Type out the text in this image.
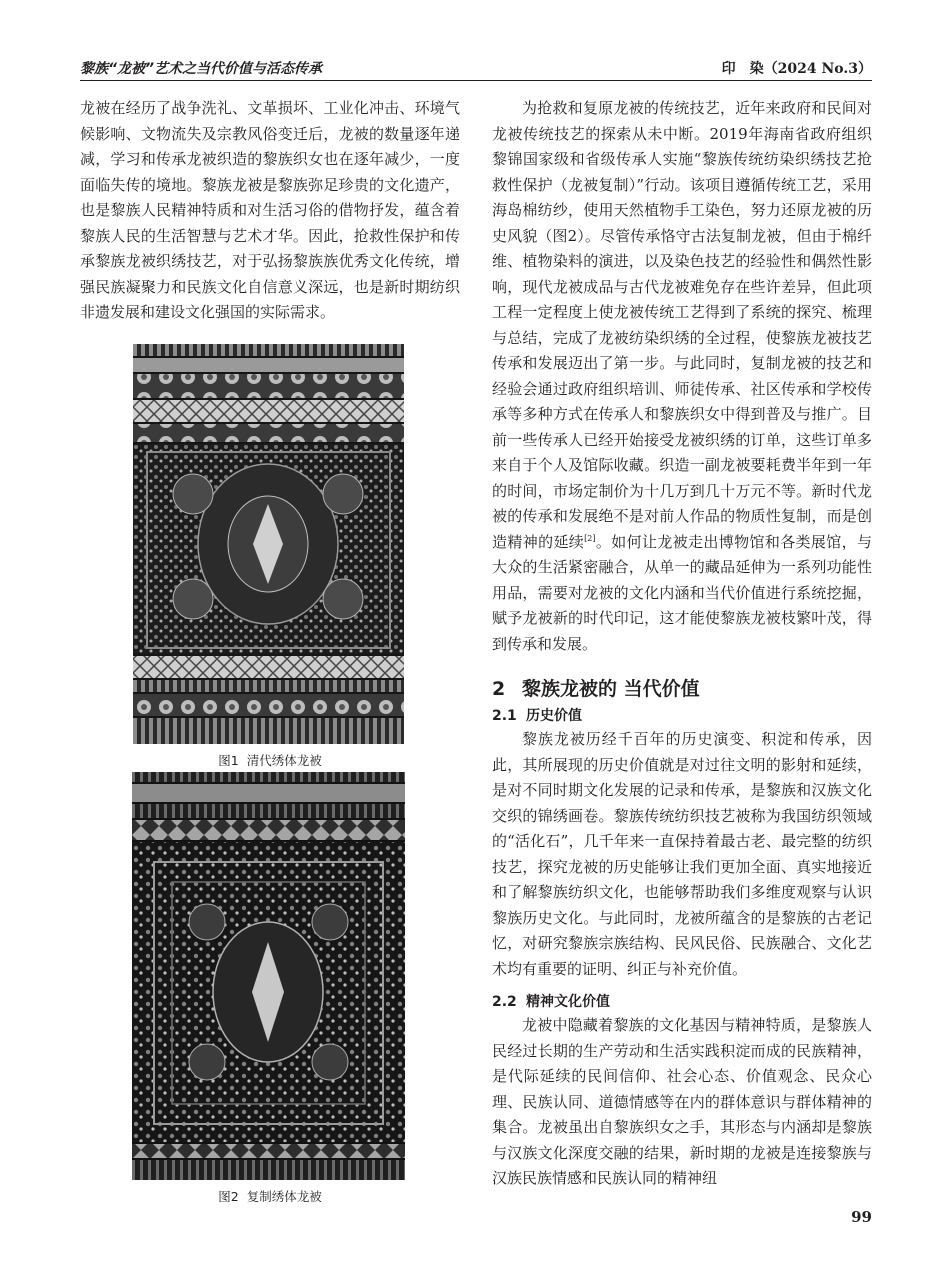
黎族“龙被”艺术之当代价值与活态传承	印　染（2024 No.3）

龙被在经历了战争洗礼、文革损坏、工业化冲击、环境气候影响、文物流失及宗教风俗变迁后，龙被的数量逐年递减，学习和传承龙被织造的黎族织女也在逐年减少，一度面临失传的境地。黎族龙被是黎族弥足珍贵的文化遗产，也是黎族人民精神特质和对生活习俗的借物抒发，蕴含着黎族人民的生活智慧与艺术才华。因此，抢救性保护和传承黎族龙被织绣技艺，对于弘扬黎族族优秀文化传统，增强民族凝聚力和民族文化自信意义深远，也是新时期纺织非遗发展和建设文化强国的实际需求。

图1 清代绣体龙被
图2 复制绣体龙被

为抢救和复原龙被的传统技艺，近年来政府和民间对龙被传统技艺的探索从未中断。2019年海南省政府组织黎锦国家级和省级传承人实施“黎族传统纺染织绣技艺抢救性保护（龙被复制）”行动。该项目遵循传统工艺，采用海岛棉纺纱，使用天然植物手工染色，努力还原龙被的历史风貌（图2）。尽管传承恪守古法复制龙被，但由于棉纤维、植物染料的演进，以及染色技艺的经验性和偶然性影响，现代龙被成品与古代龙被难免存在些许差异，但此项工程一定程度上使龙被传统工艺得到了系统的探究、梳理与总结，完成了龙被纺染织绣的全过程，使黎族龙被技艺传承和发展迈出了第一步。与此同时，复制龙被的技艺和经验会通过政府组织培训、师徒传承、社区传承和学校传承等多种方式在传承人和黎族织女中得到普及与推广。目前一些传承人已经开始接受龙被织绣的订单，这些订单多来自于个人及馆际收藏。织造一副龙被要耗费半年到一年的时间，市场定制价为十几万到几十万元不等。新时代龙被的传承和发展绝不是对前人作品的物质性复制，而是创造精神的延续[2]。如何让龙被走出博物馆和各类展馆，与大众的生活紧密融合，从单一的藏品延伸为一系列功能性用品，需要对龙被的文化内涵和当代价值进行系统挖掘，赋予龙被新的时代印记，这才能使黎族龙被枝繁叶茂，得到传承和发展。

2 黎族龙被的 当代价值
2.1 历史价值

黎族龙被历经千百年的历史演变、积淀和传承，因此，其所展现的历史价值就是对过往文明的影射和延续，是对不同时期文化发展的记录和传承，是黎族和汉族文化交织的锦绣画卷。黎族传统纺织技艺被称为我国纺织领域的“活化石”，几千年来一直保持着最古老、最完整的纺织技艺，探究龙被的历史能够让我们更加全面、真实地接近和了解黎族纺织文化，也能够帮助我们多维度观察与认识黎族历史文化。与此同时，龙被所蕴含的是黎族的古老记忆，对研究黎族宗族结构、民风民俗、民族融合、文化艺术均有重要的证明、纠正与补充价值。

2.2 精神文化价值

龙被中隐藏着黎族的文化基因与精神特质，是黎族人民经过长期的生产劳动和生活实践积淀而成的民族精神，是代际延续的民间信仰、社会心态、价值观念、民众心理、民族认同、道德情感等在内的群体意识与群体精神的集合。龙被虽出自黎族织女之手，其形态与内涵却是黎族与汉族文化深度交融的结果，新时期的龙被是连接黎族与汉族民族情感和民族认同的精神纽

99
